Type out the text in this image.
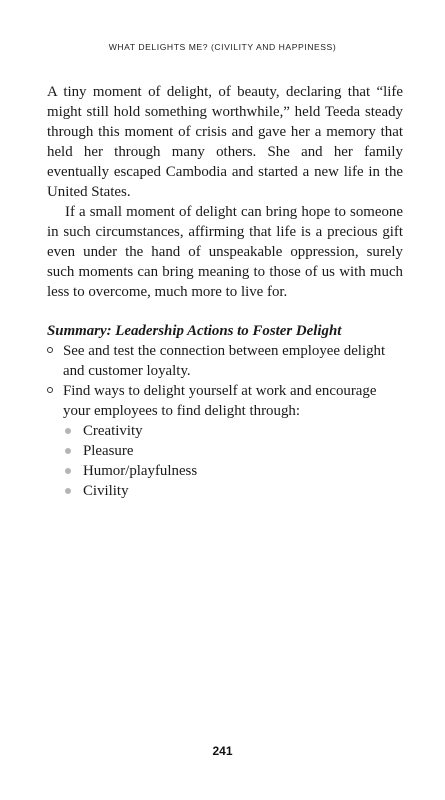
WHAT DELIGHTS ME? (CIVILITY AND HAPPINESS)

A tiny moment of delight, of beauty, declaring that “life might still hold something worthwhile,” held Teeda steady through this moment of crisis and gave her a memory that held her through many others. She and her family eventually escaped Cambodia and started a new life in the United States.

If a small moment of delight can bring hope to someone in such circumstances, affirming that life is a precious gift even under the hand of unspeakable oppression, surely such moments can bring meaning to those of us with much less to overcome, much more to live for.

Summary: Leadership Actions to Foster Delight
See and test the connection between employee delight and customer loyalty.
Find ways to delight yourself at work and encourage your employees to find delight through:
Creativity
Pleasure
Humor/playfulness
Civility
241
